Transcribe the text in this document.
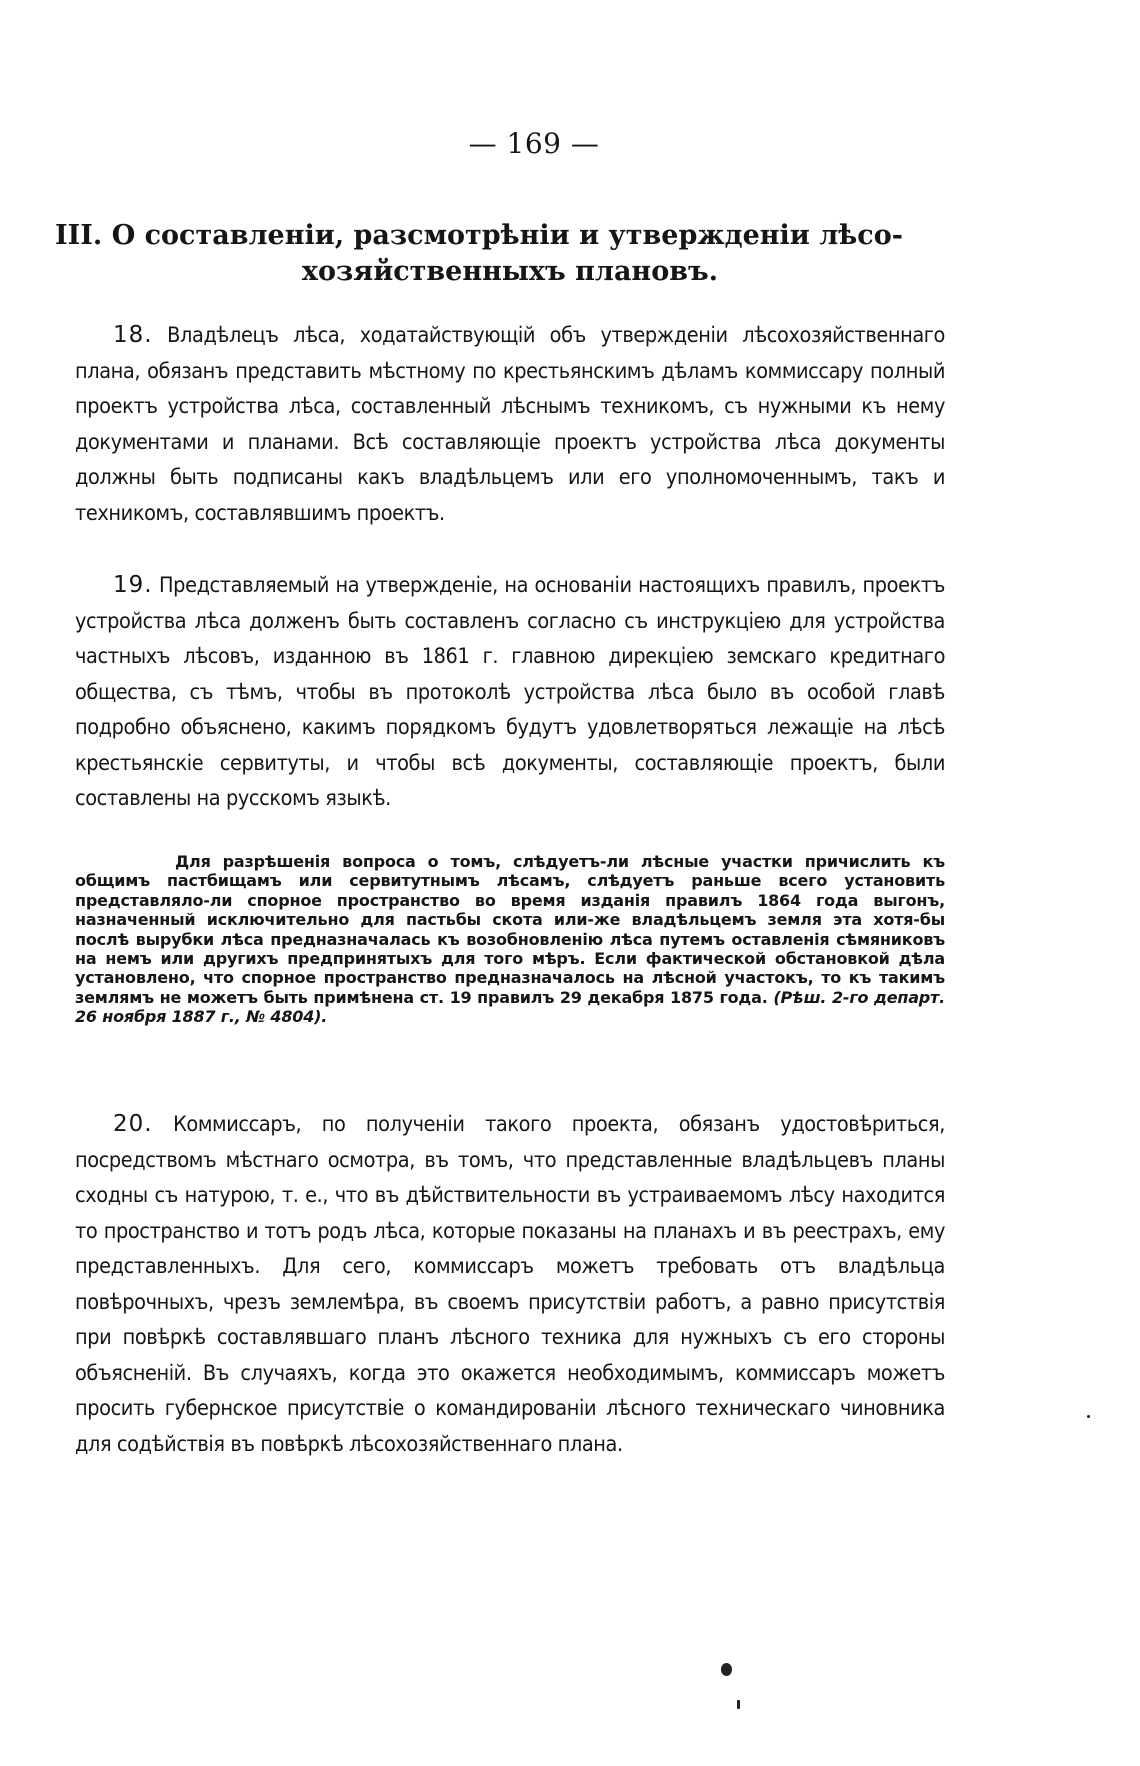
— 169 —
III. О составленіи, разсмотрѣніи и утвержденіи лѣсо-
хозяйственныхъ плановъ.

18. Владѣлецъ лѣса, ходатайствующій объ утвержденіи лѣсохозяйственнаго плана, обязанъ представить мѣстному по крестьянскимъ дѣламъ коммиссару полный проектъ устройства лѣса, составленный лѣснымъ техникомъ, съ нужными къ нему документами и планами. Всѣ составляющіе проектъ устройства лѣса документы должны быть подписаны какъ владѣльцемъ или его уполномоченнымъ, такъ и техникомъ, составлявшимъ проектъ.

19. Представляемый на утвержденіе, на основаніи настоящихъ правилъ, проектъ устройства лѣса долженъ быть составленъ согласно съ инструкціею для устройства частныхъ лѣсовъ, изданною въ 1861 г. главною дирекціею земскаго кредитнаго общества, съ тѣмъ, чтобы въ протоколѣ устройства лѣса было въ особой главѣ подробно объяснено, какимъ порядкомъ будутъ удовлетворяться лежащіе на лѣсѣ крестьянскіе сервитуты, и чтобы всѣ документы, составляющіе проектъ, были составлены на русскомъ языкѣ.

Для разрѣшенія вопроса о томъ, слѣдуетъ-ли лѣсные участки причислить къ общимъ пастбищамъ или сервитутнымъ лѣсамъ, слѣдуетъ раньше всего установить представляло-ли спорное пространство во время изданія правилъ 1864 года выгонъ, назначенный исключительно для пастьбы скота или-же владѣльцемъ земля эта хотя-бы послѣ вырубки лѣса предназначалась къ возобновленію лѣса путемъ оставленія сѣмяниковъ на немъ или другихъ предпринятыхъ для того мѣръ. Если фактической обстановкой дѣла установлено, что спорное пространство предназначалось на лѣсной участокъ, то къ такимъ землямъ не можетъ быть примѣнена ст. 19 правилъ 29 декабря 1875 года. (Рѣш. 2-го департ. 26 ноября 1887 г., № 4804).

20. Коммиссаръ, по полученіи такого проекта, обязанъ удостовѣриться, посредствомъ мѣстнаго осмотра, въ томъ, что представленные владѣльцевъ планы сходны съ натурою, т. е., что въ дѣйствительности въ устраиваемомъ лѣсу находится то пространство и тотъ родъ лѣса, которые показаны на планахъ и въ реестрахъ, ему представленныхъ. Для сего, коммиссаръ можетъ требовать отъ владѣльца повѣрочныхъ, чрезъ землемѣра, въ своемъ присутствіи работъ, а равно присутствія при повѣркѣ составлявшаго планъ лѣсного техника для нужныхъ съ его стороны объясненій. Въ случаяхъ, когда это окажется необходимымъ, коммиссаръ можетъ просить губернское присутствіе о командированіи лѣсного техническаго чиновника для содѣйствія въ повѣркѣ лѣсохозяйственнаго плана.
